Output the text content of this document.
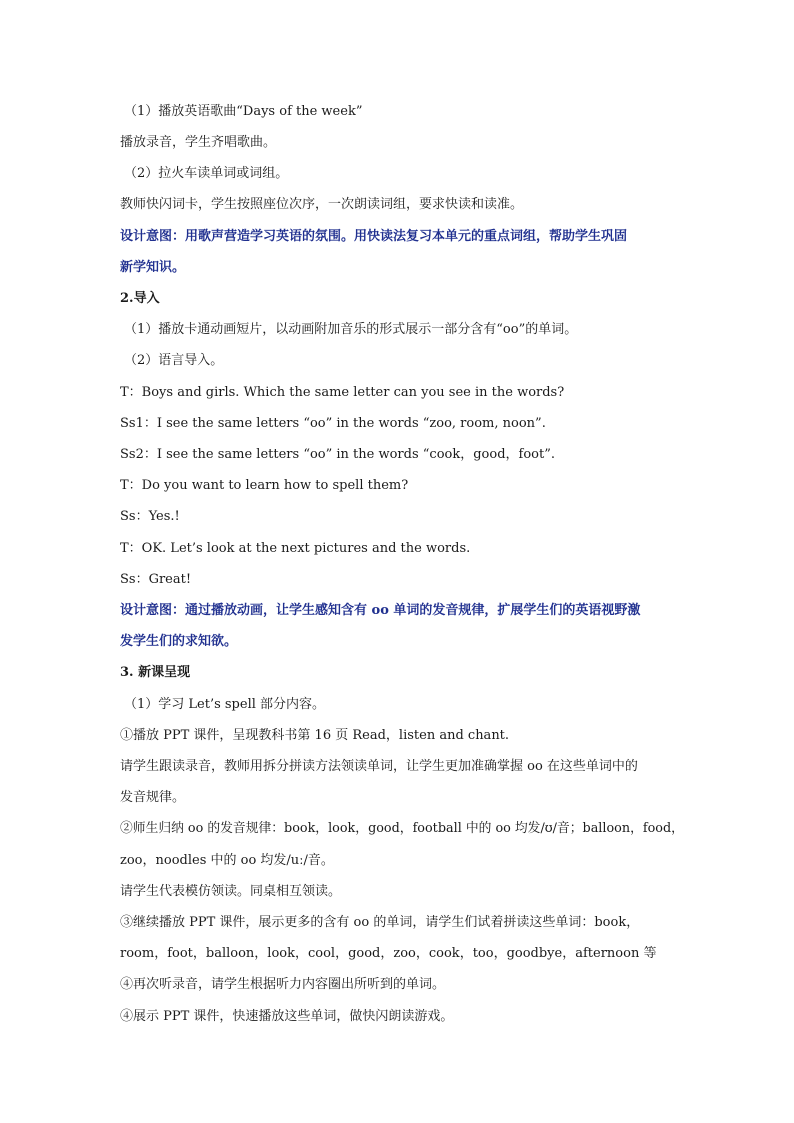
（1）播放英语歌曲“Days of the week”
播放录音，学生齐唱歌曲。
（2）拉火车读单词或词组。
教师快闪词卡，学生按照座位次序，一次朗读词组，要求快读和读准。
设计意图：用歌声营造学习英语的氛围。用快读法复习本单元的重点词组，帮助学生巩固
新学知识。
2.导入
（1）播放卡通动画短片，以动画附加音乐的形式展示一部分含有“oo”的单词。
（2）语言导入。
T：Boys and girls. Which the same letter can you see in the words?
Ss1：I see the same letters “oo” in the words “zoo, room, noon”.
Ss2：I see the same letters “oo” in the words “cook，good，foot”.
T：Do you want to learn how to spell them?
Ss：Yes.!
T：OK. Let’s look at the next pictures and the words.
Ss：Great!
设计意图：通过播放动画，让学生感知含有 oo 单词的发音规律，扩展学生们的英语视野激
发学生们的求知欲。
3. 新课呈现
（1）学习 Let’s spell 部分内容。
①播放 PPT 课件，呈现教科书第 16 页 Read，listen and chant.
请学生跟读录音，教师用拆分拼读方法领读单词，让学生更加准确掌握 oo 在这些单词中的
发音规律。
②师生归纳 oo 的发音规律：book，look，good，football 中的 oo 均发/ʊ/音；balloon，food，
zoo，noodles 中的 oo 均发/uː/音。
请学生代表模仿领读。同桌相互领读。
③继续播放 PPT 课件，展示更多的含有 oo 的单词，请学生们试着拼读这些单词：book，
room，foot，balloon，look，cool，good，zoo，cook，too，goodbye，afternoon 等
④再次听录音，请学生根据听力内容圈出所听到的单词。
④展示 PPT 课件，快速播放这些单词，做快闪朗读游戏。
